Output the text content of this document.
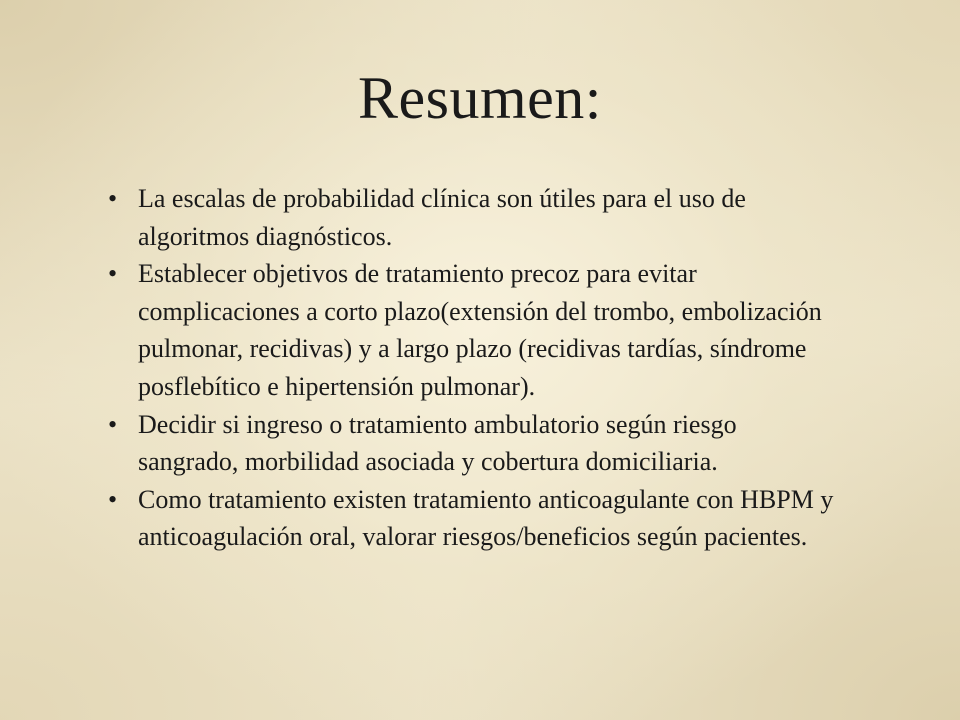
Resumen:
• La escalas de probabilidad clínica son útiles para el uso de algoritmos diagnósticos.
• Establecer objetivos de tratamiento precoz para evitar complicaciones a corto plazo(extensión del trombo, embolización pulmonar, recidivas) y a largo plazo (recidivas tardías, síndrome posflebítico e hipertensión pulmonar).
• Decidir si ingreso o tratamiento ambulatorio según riesgo sangrado, morbilidad asociada y cobertura domiciliaria.
• Como tratamiento existen tratamiento anticoagulante con HBPM y anticoagulación oral, valorar riesgos/beneficios según pacientes.
